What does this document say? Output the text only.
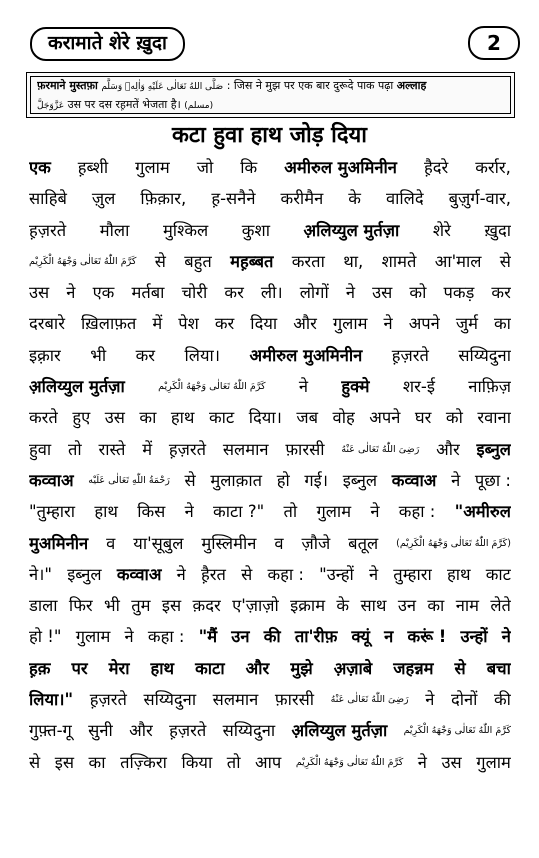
करामाते शेरे ख़ुदा	2
फ़रमाने मुस्तफ़ा صَلَّى اللهُ تَعَالٰى عَلَيْهِ وَاٰلِهٖ وَسَلَّم : जिस ने मुझ पर एक बार दुरूदे पाक पढ़ा अल्लाह
عَزَّوَجَلَّ उस पर दस रह़मतें भेजता है। (مسلم)
कटा हुवा हाथ जोड़ दिया
एक ह़ब्शी गुलाम जो कि अमीरुल मुअमिनीन ह़ैदरे कर्रार,
साहिबे ज़ुल फ़िक़ार, ह़-सनैने करीमैन के वालिदे बुज़ुर्ग-वार,
ह़ज़रते मौला मुश्किल कुशा अ़लिय्युल मुर्तज़ा शेरे ख़ुदा
كَرَّمَ اللّٰهُ تَعَالٰى وَجْهَهُ الْكَرِيْم से बहुत मह़ब्बत करता था, शामते आ'माल से
उस ने एक मर्तबा चोरी कर ली। लोगों ने उस को पकड़ कर
दरबारे ख़िलाफ़त में पेश कर दिया और गुलाम ने अपने जुर्म का
इक़्रार भी कर लिया। अमीरुल मुअमिनीन ह़ज़रते सय्यिदुना
अ़लिय्युल मुर्तज़ा	كَرَّمَ اللّٰهُ تَعَالٰى وَجْهَهُ الْكَرِيْم ने हुक्मे शर-ई नाफ़िज़
करते हुए उस का हाथ काट दिया। जब वोह अपने घर को रवाना
हुवा तो रास्ते में ह़ज़रते सलमान फ़ारसी رَضِیَ اللّٰهُ تَعَالٰی عَنْهُ और इब्नुल
कव्वाअ رَحْمَةُ اللّٰهِ تَعَالٰی عَلَيْه से मुलाक़ात हो गई। इब्नुल कव्वाअ ने पूछा :
"तुम्हारा हाथ किस ने काटा ?" तो गुलाम ने कहा : "अमीरुल
मुअमिनीन व या'सूबुल मुस्लिमीन व ज़ौजे बतूल (كَرَّمَ اللّٰهُ تَعَالٰى وَجْهَهُ الْكَرِيْم)
ने।" इब्नुल कव्वाअ ने ह़ैरत से कहा : "उन्हों ने तुम्हारा हाथ काट
डाला फिर भी तुम इस क़दर ए'ज़ाज़ो इक्राम के साथ उन का नाम लेते
हो !" गुलाम ने कहा : "मैं उन की ता'रीफ़ क्यूं न करूं ! उन्हों ने
ह़क़ पर मेरा हाथ काटा और मुझे अ़ज़ाबे जहन्नम से बचा
लिया।" ह़ज़रते सय्यिदुना सलमान फ़ारसी رَضِیَ اللّٰهُ تَعَالٰی عَنْهُ ने दोनों की
गुफ़्त-गू सुनी और ह़ज़रते सय्यिदुना अ़लिय्युल मुर्तज़ा كَرَّمَ اللّٰهُ تَعَالٰى وَجْهَهُ الْكَرِيْم
से इस का तज़्किरा किया तो आप كَرَّمَ اللّٰهُ تَعَالٰى وَجْهَهُ الْكَرِيْم ने उस गुलाम
